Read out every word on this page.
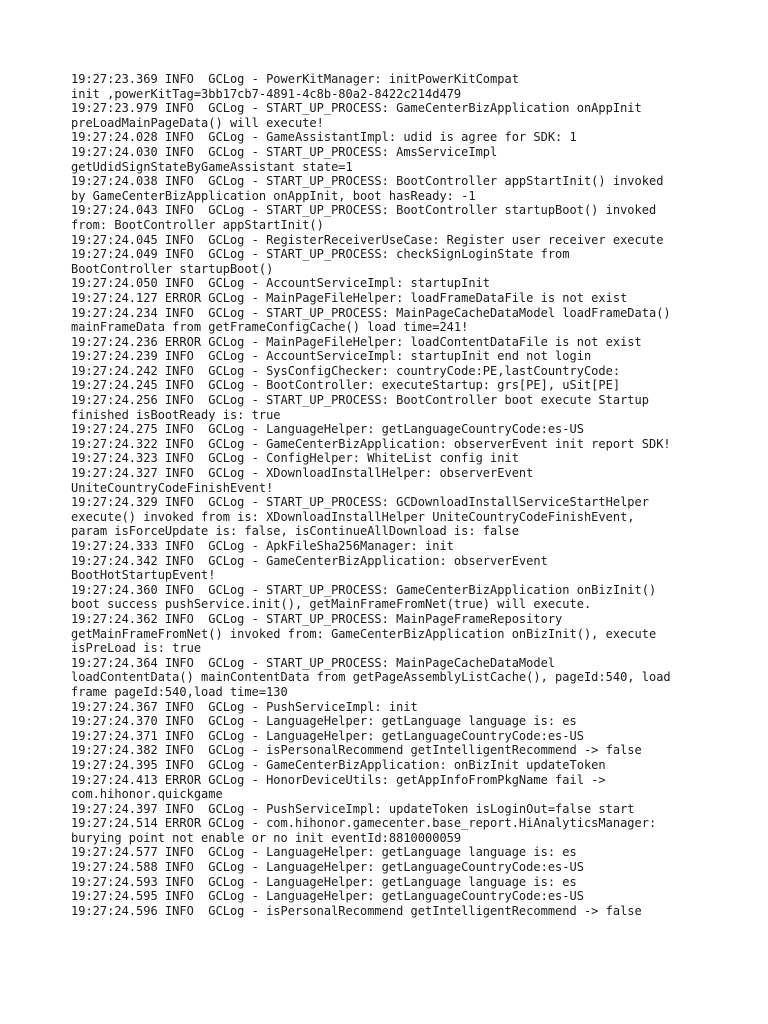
19:27:23.369 INFO  GCLog - PowerKitManager: initPowerKitCompat
init ,powerKitTag=3bb17cb7-4891-4c8b-80a2-8422c214d479
19:27:23.979 INFO  GCLog - START_UP_PROCESS: GameCenterBizApplication onAppInit
preLoadMainPageData() will execute!
19:27:24.028 INFO  GCLog - GameAssistantImpl: udid is agree for SDK: 1
19:27:24.030 INFO  GCLog - START_UP_PROCESS: AmsServiceImpl
getUdidSignStateByGameAssistant state=1
19:27:24.038 INFO  GCLog - START_UP_PROCESS: BootController appStartInit() invoked
by GameCenterBizApplication onAppInit, boot hasReady: -1
19:27:24.043 INFO  GCLog - START_UP_PROCESS: BootController startupBoot() invoked
from: BootController appStartInit()
19:27:24.045 INFO  GCLog - RegisterReceiverUseCase: Register user receiver execute
19:27:24.049 INFO  GCLog - START_UP_PROCESS: checkSignLoginState from
BootController startupBoot()
19:27:24.050 INFO  GCLog - AccountServiceImpl: startupInit
19:27:24.127 ERROR GCLog - MainPageFileHelper: loadFrameDataFile is not exist
19:27:24.234 INFO  GCLog - START_UP_PROCESS: MainPageCacheDataModel loadFrameData()
mainFrameData from getFrameConfigCache() load time=241!
19:27:24.236 ERROR GCLog - MainPageFileHelper: loadContentDataFile is not exist
19:27:24.239 INFO  GCLog - AccountServiceImpl: startupInit end not login
19:27:24.242 INFO  GCLog - SysConfigChecker: countryCode:PE,lastCountryCode:
19:27:24.245 INFO  GCLog - BootController: executeStartup: grs[PE], uSit[PE]
19:27:24.256 INFO  GCLog - START_UP_PROCESS: BootController boot execute Startup
finished isBootReady is: true
19:27:24.275 INFO  GCLog - LanguageHelper: getLanguageCountryCode:es-US
19:27:24.322 INFO  GCLog - GameCenterBizApplication: observerEvent init report SDK!
19:27:24.323 INFO  GCLog - ConfigHelper: WhiteList config init
19:27:24.327 INFO  GCLog - XDownloadInstallHelper: observerEvent
UniteCountryCodeFinishEvent!
19:27:24.329 INFO  GCLog - START_UP_PROCESS: GCDownloadInstallServiceStartHelper
execute() invoked from is: XDownloadInstallHelper UniteCountryCodeFinishEvent,
param isForceUpdate is: false, isContinueAllDownload is: false
19:27:24.333 INFO  GCLog - ApkFileSha256Manager: init
19:27:24.342 INFO  GCLog - GameCenterBizApplication: observerEvent
BootHotStartupEvent!
19:27:24.360 INFO  GCLog - START_UP_PROCESS: GameCenterBizApplication onBizInit()
boot success pushService.init(), getMainFrameFromNet(true) will execute.
19:27:24.362 INFO  GCLog - START_UP_PROCESS: MainPageFrameRepository
getMainFrameFromNet() invoked from: GameCenterBizApplication onBizInit(), execute
isPreLoad is: true
19:27:24.364 INFO  GCLog - START_UP_PROCESS: MainPageCacheDataModel
loadContentData() mainContentData from getPageAssemblyListCache(), pageId:540, load
frame pageId:540,load time=130
19:27:24.367 INFO  GCLog - PushServiceImpl: init
19:27:24.370 INFO  GCLog - LanguageHelper: getLanguage language is: es
19:27:24.371 INFO  GCLog - LanguageHelper: getLanguageCountryCode:es-US
19:27:24.382 INFO  GCLog - isPersonalRecommend getIntelligentRecommend -> false
19:27:24.395 INFO  GCLog - GameCenterBizApplication: onBizInit updateToken
19:27:24.413 ERROR GCLog - HonorDeviceUtils: getAppInfoFromPkgName fail ->
com.hihonor.quickgame
19:27:24.397 INFO  GCLog - PushServiceImpl: updateToken isLoginOut=false start
19:27:24.514 ERROR GCLog - com.hihonor.gamecenter.base_report.HiAnalyticsManager:
burying point not enable or no init eventId:8810000059
19:27:24.577 INFO  GCLog - LanguageHelper: getLanguage language is: es
19:27:24.588 INFO  GCLog - LanguageHelper: getLanguageCountryCode:es-US
19:27:24.593 INFO  GCLog - LanguageHelper: getLanguage language is: es
19:27:24.595 INFO  GCLog - LanguageHelper: getLanguageCountryCode:es-US
19:27:24.596 INFO  GCLog - isPersonalRecommend getIntelligentRecommend -> false
